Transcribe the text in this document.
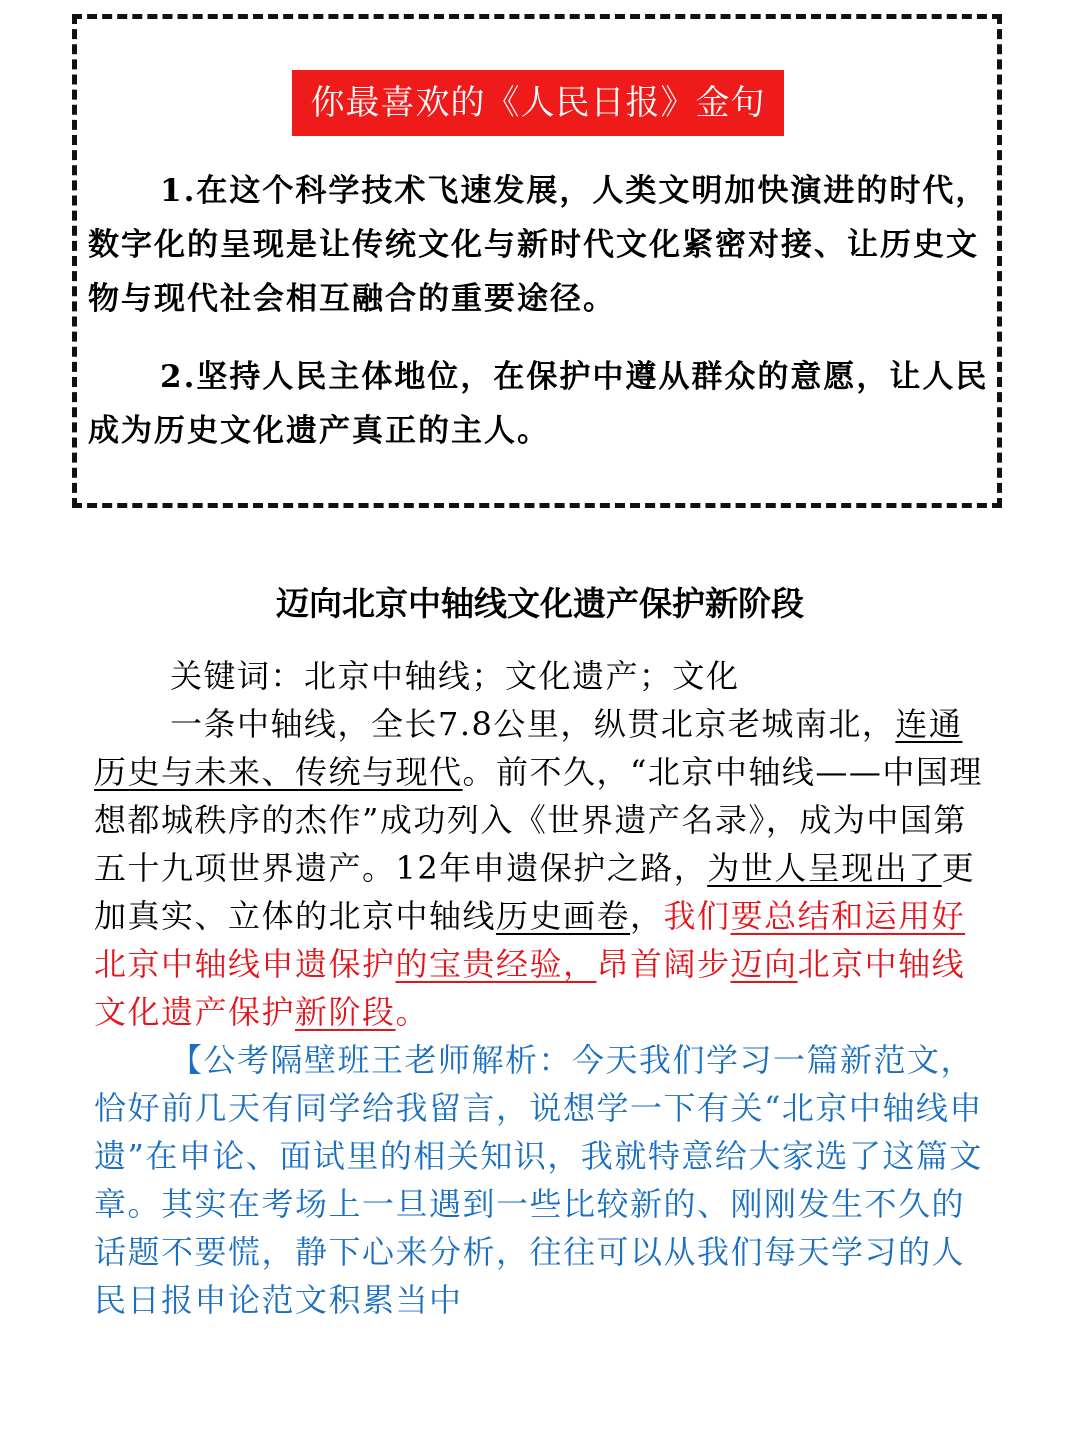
你最喜欢的《人民日报》金句

1.在这个科学技术飞速发展，人类文明加快演进的时代，数字化的呈现是让传统文化与新时代文化紧密对接、让历史文物与现代社会相互融合的重要途径。

2.坚持人民主体地位，在保护中遵从群众的意愿，让人民成为历史文化遗产真正的主人。

迈向北京中轴线文化遗产保护新阶段

关键词：北京中轴线；文化遗产；文化

一条中轴线，全长7.8公里，纵贯北京老城南北，连通历史与未来、传统与现代。前不久，“北京中轴线——中国理想都城秩序的杰作”成功列入《世界遗产名录》，成为中国第五十九项世界遗产。12年申遗保护之路，为世人呈现出了更加真实、立体的北京中轴线历史画卷，我们要总结和运用好北京中轴线申遗保护的宝贵经验，昂首阔步迈向北京中轴线文化遗产保护新阶段。

【公考隔壁班王老师解析：今天我们学习一篇新范文，恰好前几天有同学给我留言，说想学一下有关“北京中轴线申遗”在申论、面试里的相关知识，我就特意给大家选了这篇文章。其实在考场上一旦遇到一些比较新的、刚刚发生不久的话题不要慌，静下心来分析，往往可以从我们每天学习的人民日报申论范文积累当中
